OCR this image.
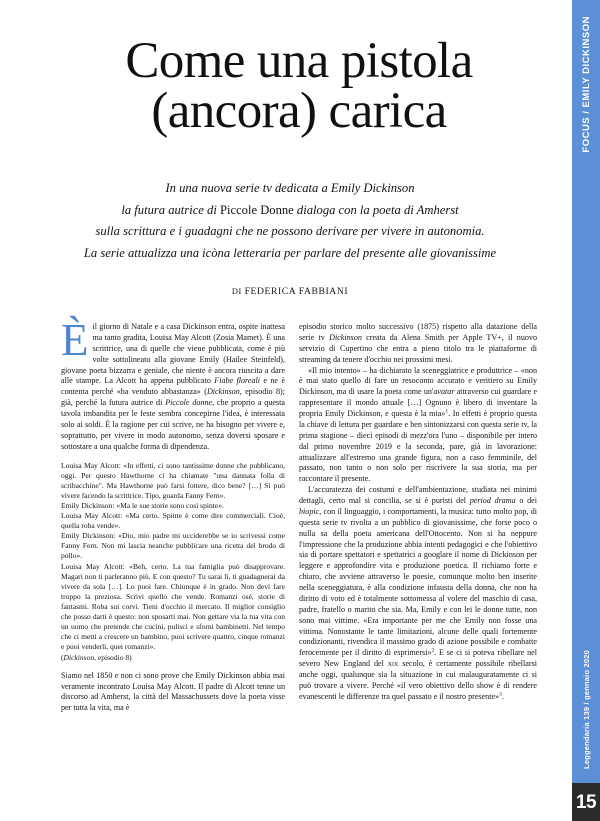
Come una pistola
(ancora) carica
In una nuova serie tv dedicata a Emily Dickinson
la futura autrice di Piccole Donne dialoga con la poeta di Amherst
sulla scrittura e i guadagni che ne possono derivare per vivere in autonomia.
La serie attualizza una icòna letteraria per parlare del presente alle giovanissime
DI FEDERICA FABBIANI

È il giorno di Natale e a casa Dickinson entra, ospite inattesa ma tanto gradita, Louisa May Alcott (Zosia Mamet). È una scrittrice, una di quelle che viene pubblicata, come è più volte sottolineato alla giovane Emily (Hailee Steinfeld), giovane poeta bizzarra e geniale, che niente è ancora riuscita a dare alle stampe. La Alcott ha appena pubblicato Fiabe floreali e ne è contenta perché «ha venduto abbastanza» (Dickinson, episodio 8); già, perché la futura autrice di Piccole donne, che proprio a questa tavola imbandita per le feste sembra concepirne l'idea, è interessata solo ai soldi. È la ragione per cui scrive, ne ha bisogno per vivere e, soprattutto, per vivere in modo autonomo, senza doversi sposare e sottostare a una qualche forma di dipendenza.

Louisa May Alcott: «In effetti, ci sono tantissime donne che pubblicano, oggi. Per questo Hawthorne ci ha chiamate "una dannata folla di scribacchine". Ma Hawthorne può farsi fottere, dico bene? […] Si può vivere facendo la scrittrice. Tipo, guarda Fanny Fern».

Emily Dickinson: «Ma le sue storie sono così spinte».

Louisa May Alcott: «Ma certo. Spinte è come dire commerciali. Cioè, quella roba vende».

Emily Dickinson: «Dio, mio padre mi ucciderebbe se io scrivessi come Fanny Fern. Non mi lascia neanche pubblicare una ricetta del brodo di pollo».

Louisa May Alcott: «Beh, certo. La tua famiglia può disapprovare. Magari non ti parleranno più. E con questo? Tu sarai lì, ti guadagnerai da vivere da sola […]. Lo puoi fare. Chiunque è in grado. Non devi fare troppo la preziosa. Scrivi quello che vende. Romanzi osé, storie di fantasmi. Roba sui corvi. Tieni d'occhio il mercato. Il miglior consiglio che posso darti è questo: non sposarti mai. Non gettare via la tua vita con un uomo che pretende che cucini, pulisci e sforni bambinetti. Nel tempo che ci metti a crescere un bambino, puoi scrivere quattro, cinque romanzi e puoi venderli, quei romanzi».

(Dickinson, episodio 8)

Siamo nel 1850 e non ci sono prove che Emily Dickinson abbia mai veramente incontrato Louisa May Alcott. Il padre di Alcott tenne un discorso ad Amherst, la città del Massachussets dove la poeta visse per tutta la vita, ma è

episodio storico molto successivo (1875) rispetto alla datazione della serie tv Dickinson creata da Alena Smith per Apple TV+, il nuovo servizio di Cupertino che entra a pieno titolo tra le piattaforme di streaming da tenere d'occhio nei prossimi mesi.

«Il mio intento» – ha dichiarato la sceneggiatrice e produttrice – «non è mai stato quello di fare un resoconto accurato e veritiero su Emily Dickinson, ma di usare la poeta come un'avatar attraverso cui guardare e rappresentare il mondo attuale […] Ognuno è libero di inventare la propria Emily Dickinson, e questa è la mia»$^1$. In effetti è proprio questa la chiave di lettura per guardare e ben sintonizzarsi con questa serie tv, la prima stagione – dieci episodi di mezz'ora l'uno – disponibile per intero dal primo novembre 2019 e la seconda, pare, già in lavorazione: attualizzare all'estremo una grande figura, non a caso femminile, del passato, non tanto o non solo per riscrivere la sua storia, ma per raccontare il presente.

L'accuratezza dei costumi e dell'ambientazione, studiata nei minimi dettagli, certo mal si concilia, se si è puristi del period drama o dei biopic, con il linguaggio, i comportamenti, la musica: tutto molto pop, di questa serie tv rivolta a un pubblico di giovanissime, che forse poco o nulla sa della poeta americana dell'Ottocento. Non si ha neppure l'impressione che la produzione abbia intenti pedagogici e che l'obiettivo sia di portare spettatori e spettatrici a googlare il nome di Dickinson per leggere e approfondire vita e produzione poetica. Il richiamo forte e chiaro, che avviene attraverso le poesie, comunque molto ben inserite nella sceneggiatura, è alla condizione infausta della donna, che non ha diritto di voto ed è totalmente sottomessa al volere del maschio di casa, padre, fratello o marito che sia. Ma, Emily e con lei le donne tutte, non sono mai vittime. «Era importante per me che Emily non fosse una vittima. Nonostante le tante limitazioni, alcune delle quali fortemente condizionanti, rivendica il massimo grado di azione possibile e combatte ferocemente per il diritto di esprimersi»$^2$. E se ci si poteva ribellare nel severo New England del xix secolo, è certamente possibile ribellarsi anche oggi, qualunque sia la situazione in cui malauguratamente ci si può trovare a vivere. Perché «il vero obiettivo dello show è di rendere evanescenti le differenze tra quel passato e il nostro presente»$^3$.

FOCUS / EMILY DICKINSON
Leggendaria 139 / gennaio 2020
15
